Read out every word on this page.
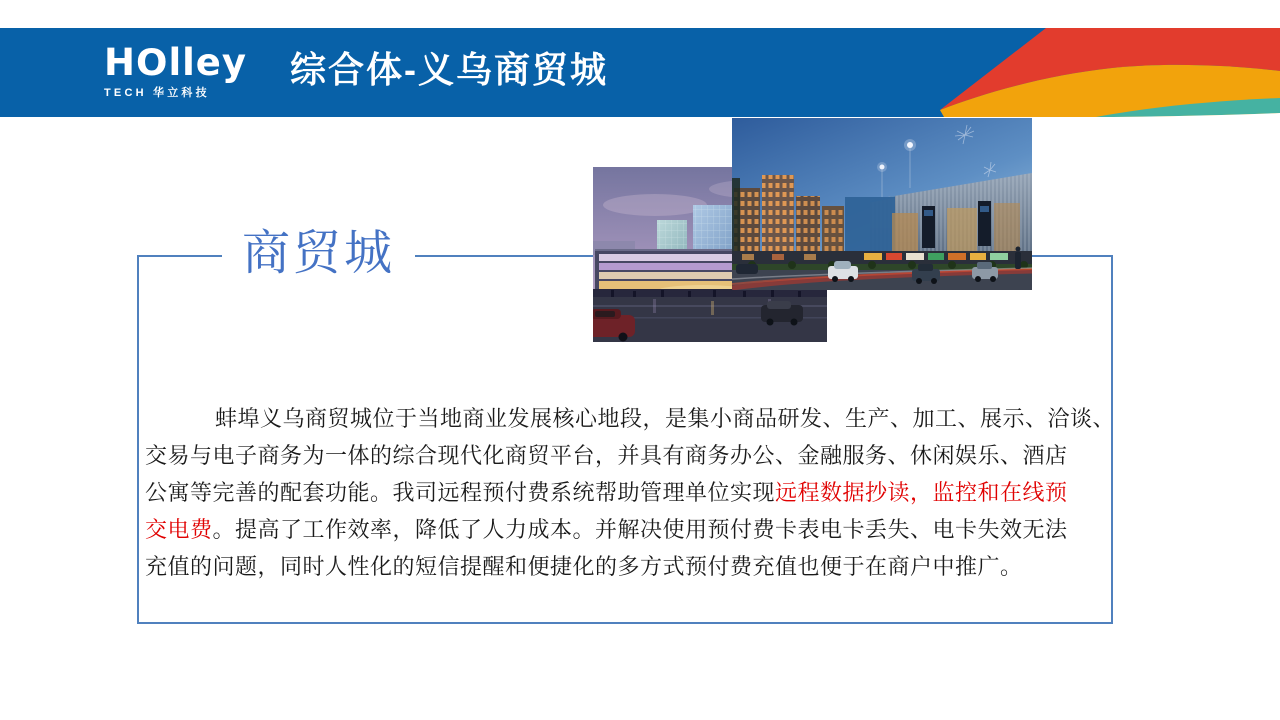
HOlley
TECH 华立科技
综合体-义乌商贸城
商贸城
蚌埠义乌商贸城位于当地商业发展核心地段，是集小商品研发、生产、加工、展示、洽谈、
交易与电子商务为一体的综合现代化商贸平台，并具有商务办公、金融服务、休闲娱乐、酒店
公寓等完善的配套功能。我司远程预付费系统帮助管理单位实现远程数据抄读，监控和在线预
交电费。提高了工作效率，降低了人力成本。并解决使用预付费卡表电卡丢失、电卡失效无法
充值的问题，同时人性化的短信提醒和便捷化的多方式预付费充值也便于在商户中推广。
